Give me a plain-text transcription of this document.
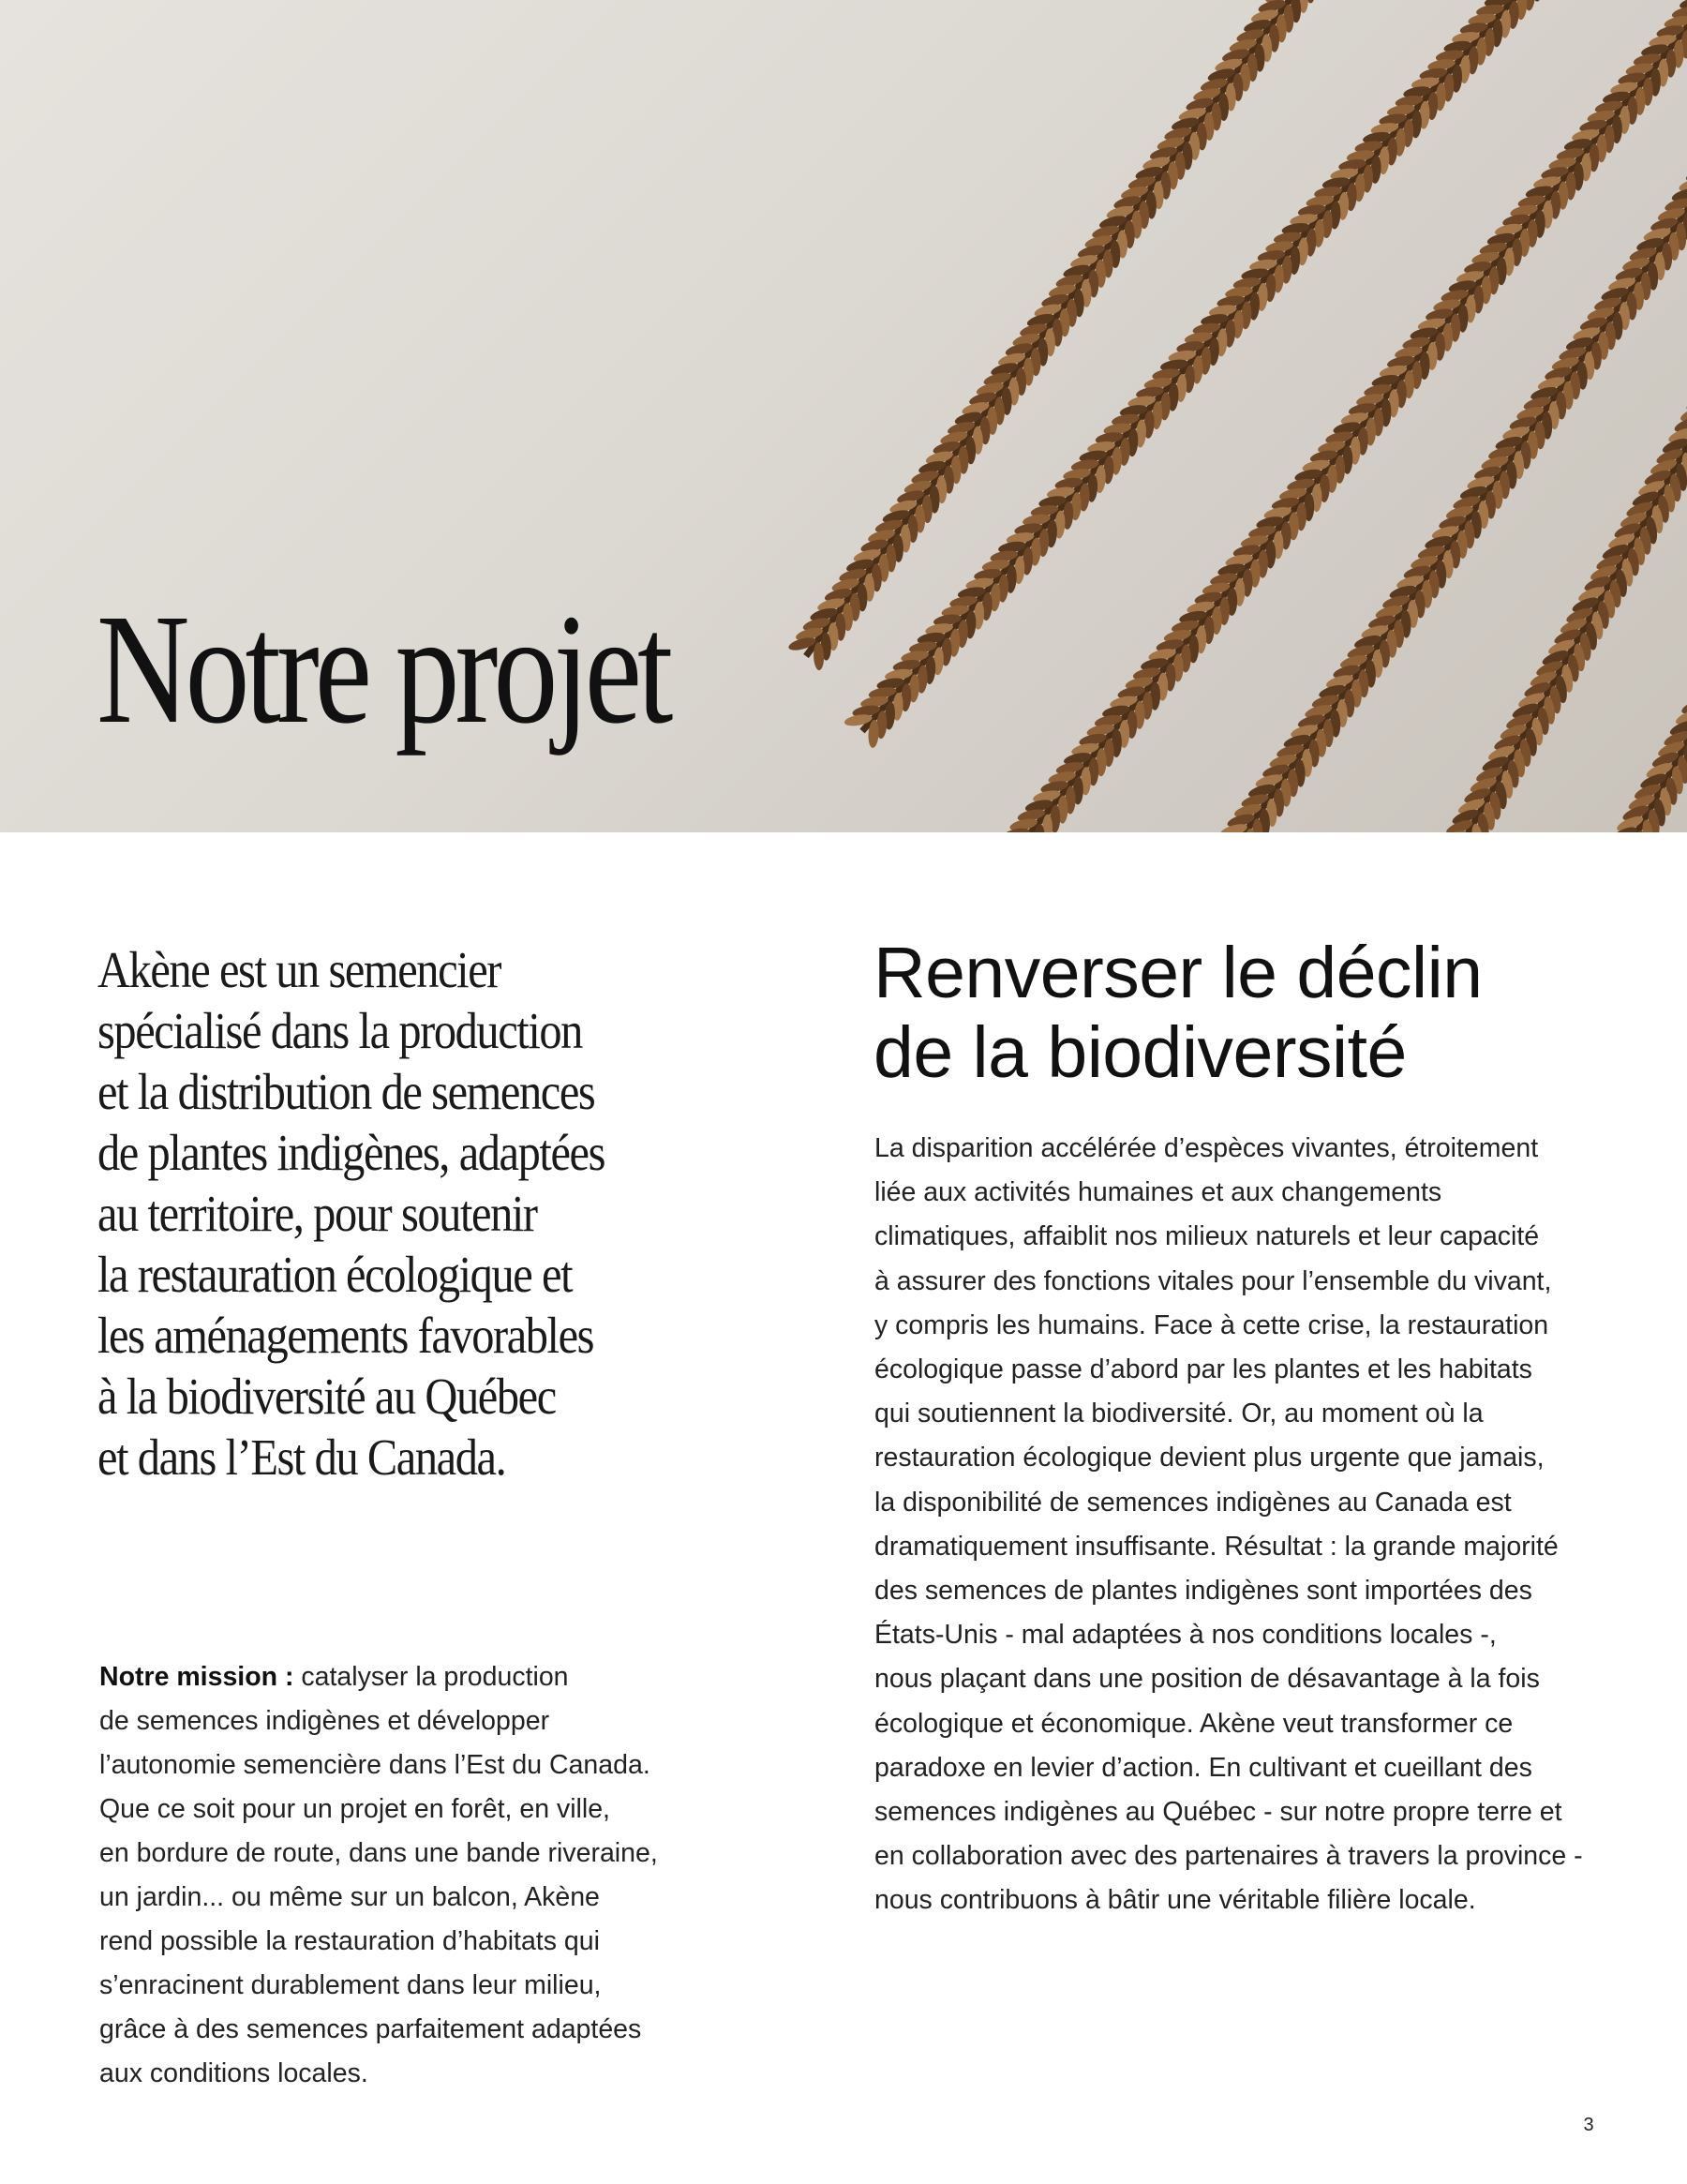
Notre projet

Akène est un semencier
spécialisé dans la production
et la distribution de semences
de plantes indigènes, adaptées
au territoire, pour soutenir
la restauration écologique et
les aménagements favorables
à la biodiversité au Québec
et dans l’Est du Canada.

Notre mission : catalyser la production
de semences indigènes et développer
l’autonomie semencière dans l’Est du Canada.
Que ce soit pour un projet en forêt, en ville,
en bordure de route, dans une bande riveraine,
un jardin... ou même sur un balcon, Akène
rend possible la restauration d’habitats qui
s’enracinent durablement dans leur milieu,
grâce à des semences parfaitement adaptées
aux conditions locales.

Renverser le déclin
de la biodiversité

La disparition accélérée d’espèces vivantes, étroitement
liée aux activités humaines et aux changements
climatiques, affaiblit nos milieux naturels et leur capacité
à assurer des fonctions vitales pour l’ensemble du vivant,
y compris les humains. Face à cette crise, la restauration
écologique passe d’abord par les plantes et les habitats
qui soutiennent la biodiversité. Or, au moment où la
restauration écologique devient plus urgente que jamais,
la disponibilité de semences indigènes au Canada est
dramatiquement insuffisante. Résultat : la grande majorité
des semences de plantes indigènes sont importées des
États-Unis - mal adaptées à nos conditions locales -,
nous plaçant dans une position de désavantage à la fois
écologique et économique. Akène veut transformer ce
paradoxe en levier d’action. En cultivant et cueillant des
semences indigènes au Québec - sur notre propre terre et
en collaboration avec des partenaires à travers la province -
nous contribuons à bâtir une véritable filière locale.

3
